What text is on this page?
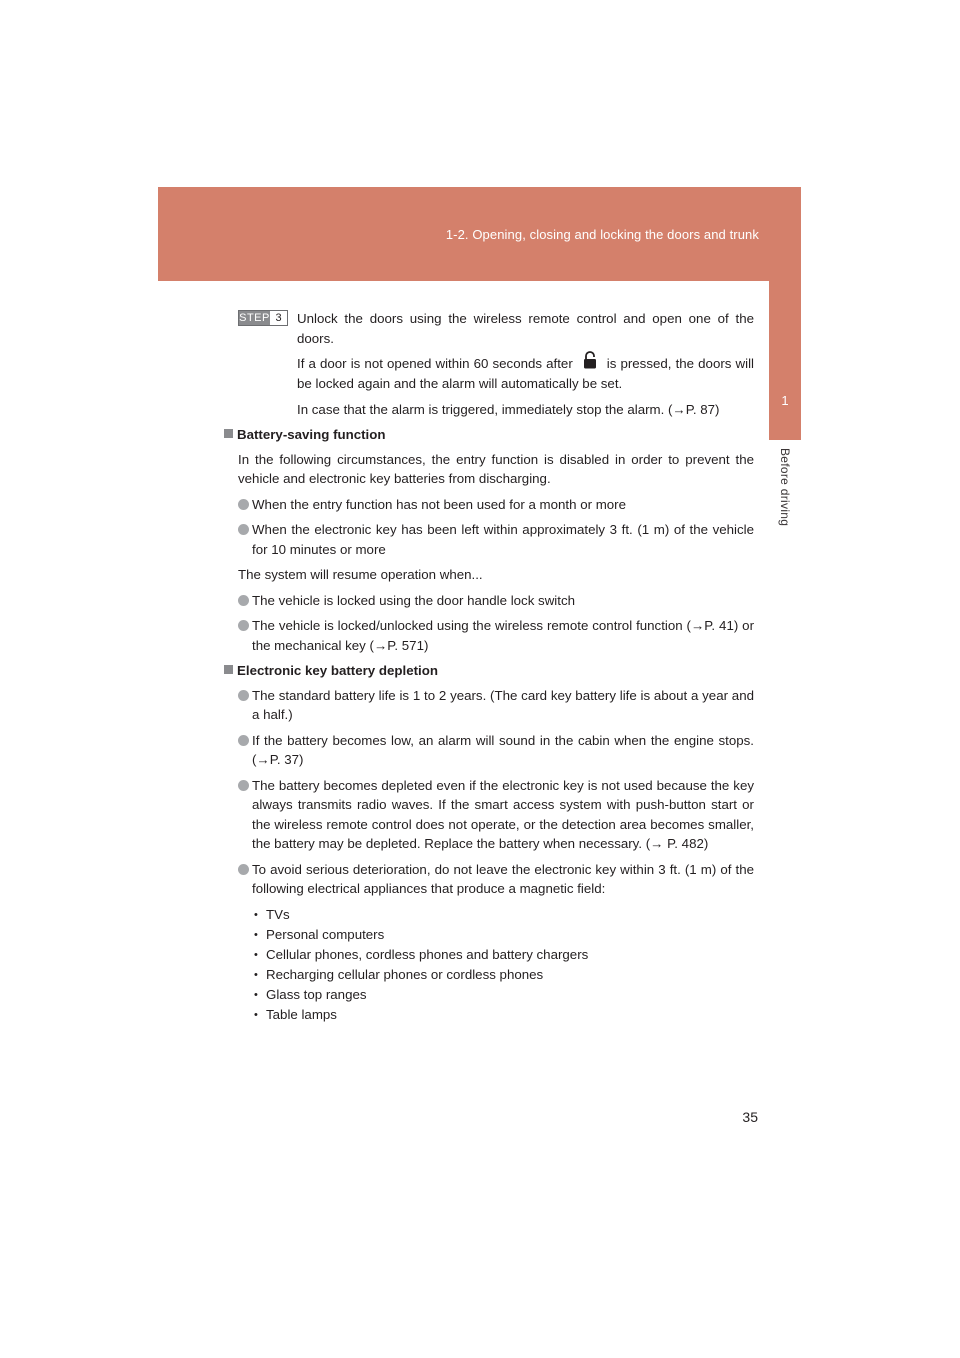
1-2. Opening, closing and locking the doors and trunk
1
Before driving
STEP 3	Unlock the doors using the wireless remote control and open one of the doors.

If a door is not opened within 60 seconds after	is pressed, the doors will be locked again and the alarm will automatically be set.

In case that the alarm is triggered, immediately stop the alarm. (→P. 87)

Battery-saving function

In the following circumstances, the entry function is disabled in order to prevent the vehicle and electronic key batteries from discharging.

When the entry function has not been used for a month or more
When the electronic key has been left within approximately 3 ft. (1 m) of the vehicle for 10 minutes or more

The system will resume operation when...

The vehicle is locked using the door handle lock switch
The vehicle is locked/unlocked using the wireless remote control function (→P. 41) or the mechanical key (→P. 571)
Electronic key battery depletion
The standard battery life is 1 to 2 years. (The card key battery life is about a year and a half.)
If the battery becomes low, an alarm will sound in the cabin when the engine stops. (→P. 37)
The battery becomes depleted even if the electronic key is not used because the key always transmits radio waves. If the smart access system with push-button start or the wireless remote control does not operate, or the detection area becomes smaller, the battery may be depleted. Replace the battery when necessary. (→ P. 482)
To avoid serious deterioration, do not leave the electronic key within 3 ft. (1 m) of the following electrical appliances that produce a magnetic field:
• TVs
• Personal computers
• Cellular phones, cordless phones and battery chargers
• Recharging cellular phones or cordless phones
• Glass top ranges
• Table lamps
35
